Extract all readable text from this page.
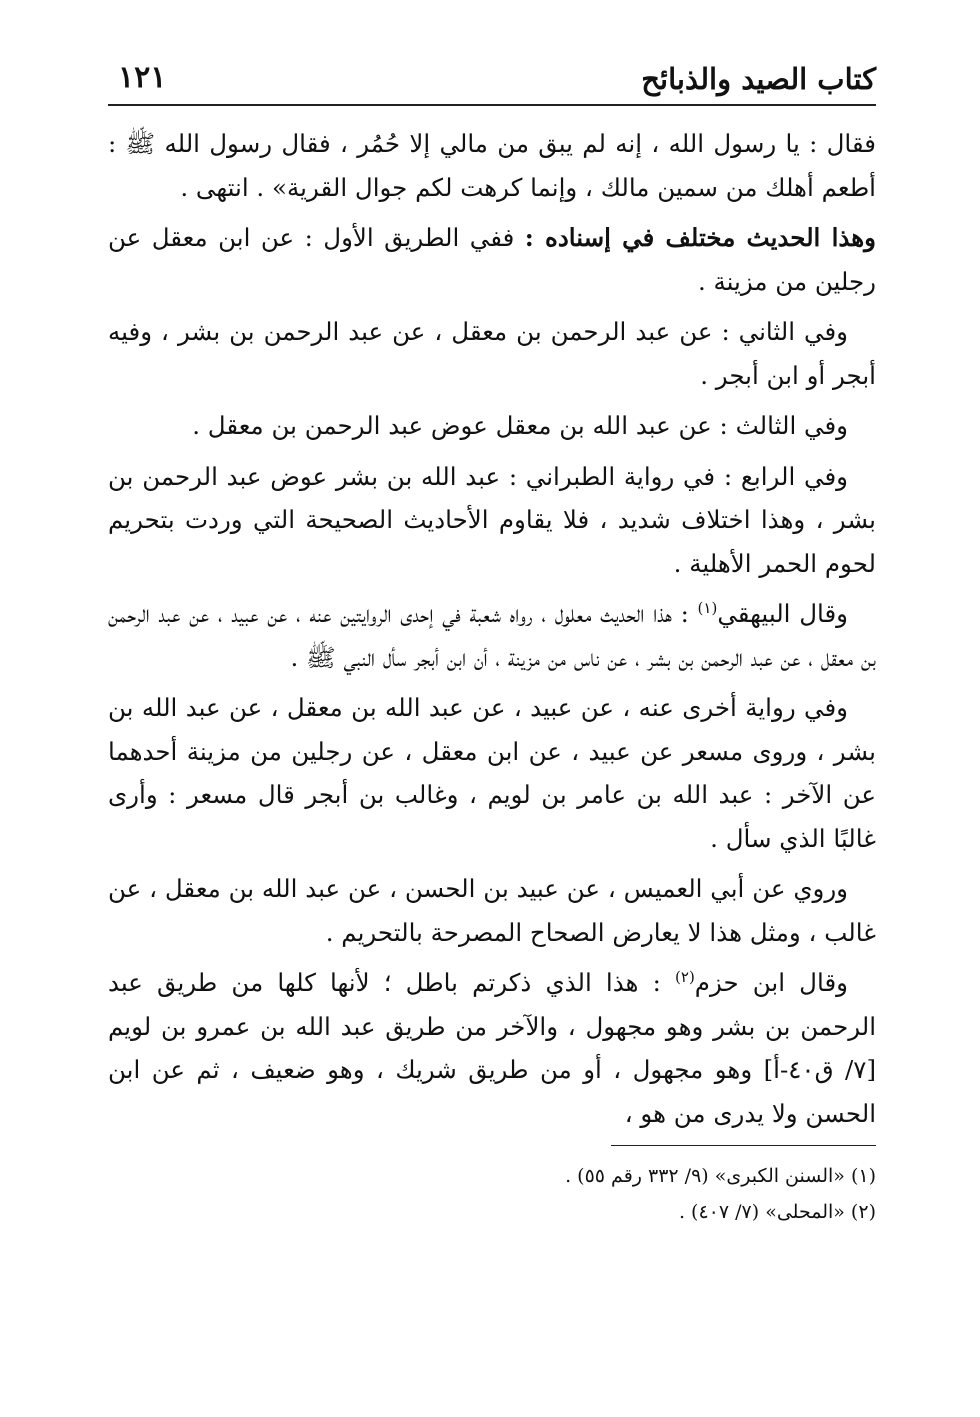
كتاب الصيد والذبائح
١٢١

فقال : يا رسول الله ، إنه لم يبق من مالي إلا حُمُر ، فقال رسول الله ﷺ : أطعم أهلك من سمين مالك ، وإنما كرهت لكم جوال القرية» . انتهى .

وهذا الحديث مختلف في إسناده : ففي الطريق الأول : عن ابن معقل عن رجلين من مزينة .

وفي الثاني : عن عبد الرحمن بن معقل ، عن عبد الرحمن بن بشر ، وفيه أبجر أو ابن أبجر .

وفي الثالث : عن عبد الله بن معقل عوض عبد الرحمن بن معقل .

وفي الرابع : في رواية الطبراني : عبد الله بن بشر عوض عبد الرحمن بن بشر ، وهذا اختلاف شديد ، فلا يقاوم الأحاديث الصحيحة التي وردت بتحريم لحوم الحمر الأهلية .

وقال البيهقي$^{(١)}$ : هذا الحديث معلول ، رواه شعبة في إحدى الروايتين عنه ، عن عبيد ، عن عبد الرحمن بن معقل ، عن عبد الرحمن بن بشر ، عن ناس من مزينة ، أن ابن أبجر سأل النبي ﷺ .

وفي رواية أخرى عنه ، عن عبيد ، عن عبد الله بن معقل ، عن عبد الله بن بشر ، وروى مسعر عن عبيد ، عن ابن معقل ، عن رجلين من مزينة أحدهما عن الآخر : عبد الله بن عامر بن لويم ، وغالب بن أبجر قال مسعر : وأرى غالبًا الذي سأل .

وروي عن أبي العميس ، عن عبيد بن الحسن ، عن عبد الله بن معقل ، عن غالب ، ومثل هذا لا يعارض الصحاح المصرحة بالتحريم .

وقال ابن حزم$^{(٢)}$ : هذا الذي ذكرتم باطل ؛ لأنها كلها من طريق عبد الرحمن بن بشر وهو مجهول ، والآخر من طريق عبد الله بن عمرو بن لويم [٧/ ق٤٠-أ] وهو مجهول ، أو من طريق شريك ، وهو ضعيف ، ثم عن ابن الحسن ولا يدرى من هو ،

(١) «السنن الكبرى» (٩/ ٣٣٢ رقم ٥٥) .

(٢) «المحلى» (٧/ ٤٠٧) .
